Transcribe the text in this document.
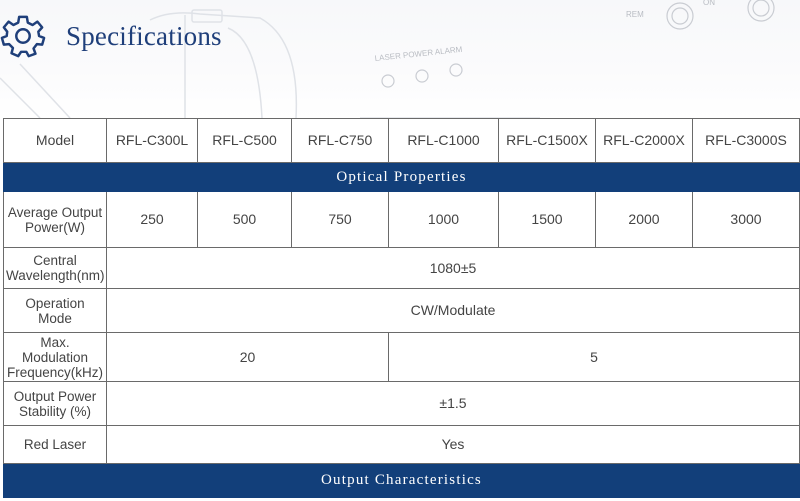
LASER POWER ALARM
REM
ON
Specifications
Model	RFL-C300L	RFL-C500	RFL-C750	RFL-C1000	RFL-C1500X	RFL-C2000X	RFL-C3000S
Optical Properties							

Average Output
Power(W)	250	500	750	1000	1500	2000	3000

Central
Wavelength(nm)	1080±5						

Operation
Mode	CW/Modulate						

Max. Modulation
Frequency(kHz)	20			5			

Output Power
Stability (%)	±1.5						
Red Laser	Yes						
Output Characteristics							
